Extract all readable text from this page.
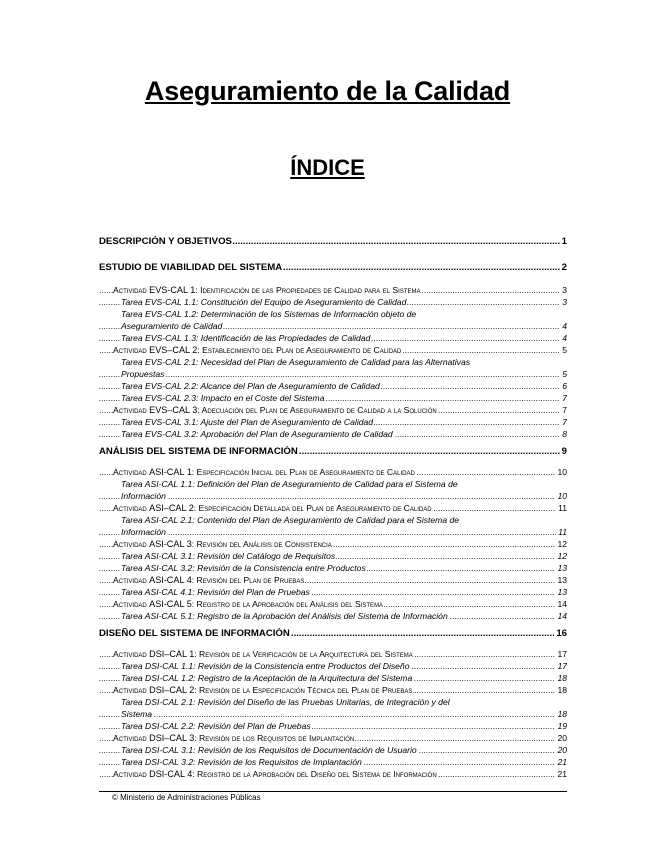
Aseguramiento de la Calidad
ÍNDICE
DESCRIPCIÓN Y OBJETIVOS	1
.....
ESTUDIO DE VIABILIDAD DEL SISTEMA	2
.....
Actividad EVS-CAL 1: Identificación de las Propiedades de Calidad para el Sistema	3
.....
Tarea EVS-CAL 1.1: Constitución del Equipo de Aseguramiento de Calidad	3
.....
Tarea EVS-CAL 1.2: Determinación de los Sistemas de Información objeto de
Aseguramiento de Calidad	4
.....
Tarea EVS-CAL 1.3: Identificación de las Propiedades de Calidad	4
.....
Actividad EVS–CAL 2: Establecimiento del Plan de Aseguramiento de Calidad	5
.....
Tarea EVS-CAL 2.1: Necesidad del Plan de Aseguramiento de Calidad para las Alternativas
Propuestas	5
.....
Tarea EVS-CAL 2.2: Alcance del Plan de Aseguramiento de Calidad	6
.....
Tarea EVS-CAL 2.3: Impacto en el Coste del Sistema	7
.....
Actividad EVS–CAL 3: Adecuación del Plan de Aseguramiento de Calidad a la Solución	7
.....
Tarea EVS-CAL 3.1: Ajuste del Plan de Aseguramiento de Calidad	7
.....
Tarea EVS-CAL 3.2: Aprobación del Plan de Aseguramiento de Calidad	8
.....
ANÁLISIS DEL SISTEMA DE INFORMACIÓN	9
.....
Actividad ASI-CAL 1: Especificación Inicial del Plan de Aseguramiento de Calidad	10
.....
Tarea ASI-CAL 1.1: Definición del Plan de Aseguramiento de Calidad para el Sistema de
Información	10
.....
Actividad ASI–CAL 2: Especificación Detallada del Plan de Aseguramiento de Calidad	11
.....
Tarea ASI-CAL 2.1: Contenido del Plan de Aseguramiento de Calidad para el Sistema de
Información	11
.....
Actividad ASI-CAL 3: Revisión del Análisis de Consistencia	12
.....
Tarea ASI-CAL 3.1: Revisión del Catálogo de Requisitos	12
.....
Tarea ASI-CAL 3.2: Revisión de la Consistencia entre Productos	13
.....
Actividad ASI-CAL 4: Revisión del Plan de Pruebas	13
.....
Tarea ASI-CAL 4.1: Revisión del Plan de Pruebas	13
.....
Actividad ASI-CAL 5: Registro de la Aprobación del Análisis del Sistema	14
.....
Tarea ASI-CAL 5.1: Registro de la Aprobación del Análisis del Sistema de Información	14
.....
DISEÑO DEL SISTEMA DE INFORMACIÓN	16
.....
Actividad DSI–CAL 1: Revisión de la Verificación de la Arquitectura del Sistema	17
.....
Tarea DSI-CAL 1.1: Revisión de la Consistencia entre Productos del Diseño	17
.....
Tarea DSI-CAL 1.2: Registro de la Aceptación de la Arquitectura del Sistema	18
.....
Actividad DSI–CAL 2: Revisión de la Especificación Técnica del Plan de Pruebas	18
.....
Tarea DSI-CAL 2.1: Revisión del Diseño de las Pruebas Unitarias, de Integración y del
Sistema	18
.....
Tarea DSI-CAL 2.2: Revisión del Plan de Pruebas	19
.....
Actividad DSI–CAL 3: Revisión de los Requisitos de Implantación	20
.....
Tarea DSI-CAL 3.1: Revisión de los Requisitos de Documentación de Usuario	20
.....
Tarea DSI-CAL 3.2: Revisión de los Requisitos de Implantación	21
.....
Actividad DSI-CAL 4: Registro de la Aprobación del Diseño del Sistema de Información	21
.....
© Ministerio de Administraciones Públicas
